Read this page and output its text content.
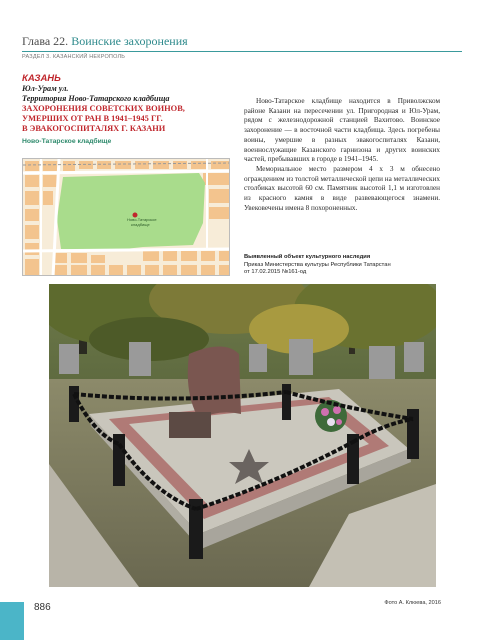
Глава 22. Воинские захоронения
РАЗДЕЛ 3. КАЗАНСКИЙ НЕКРОПОЛЬ
КАЗАНЬ
Юл-Урам ул.
Территория Ново-Татарского кладбища
ЗАХОРОНЕНИЯ СОВЕТСКИХ ВОИНОВ,
УМЕРШИХ ОТ РАН В 1941–1945 ГГ.
В ЭВАКОГОСПИТАЛЯХ Г. КАЗАНИ
Ново-Татарское кладбище
Ново-Татарское
кладбище

Ново-Татарское кладбище находится в Приволжском районе Казани на пересечении ул. Пригородная и Юл-Урам, рядом с железнодорожной станцией Вахитово. Воинское захоронение — в восточной части кладбища. Здесь погребены воины, умершие в разных эвакогоспиталях Казани, военнослужащие Казанского гарнизона и других воинских частей, пребывавших в городе в 1941–1945.

Мемориальное место размером 4 х 3 м обнесено ограждением из толстой металлической цепи на металлических столбиках высотой 60 см. Памятник высотой 1,1 м изготовлен из красного камня в виде развевающегося знамени. Увековечены имена 8 похороненных.

Выявленный объект культурного наследия
Приказ Министерства культуры Республики Татарстан
от 17.02.2015 №161-од
886	Фото А. Клюева, 2016
